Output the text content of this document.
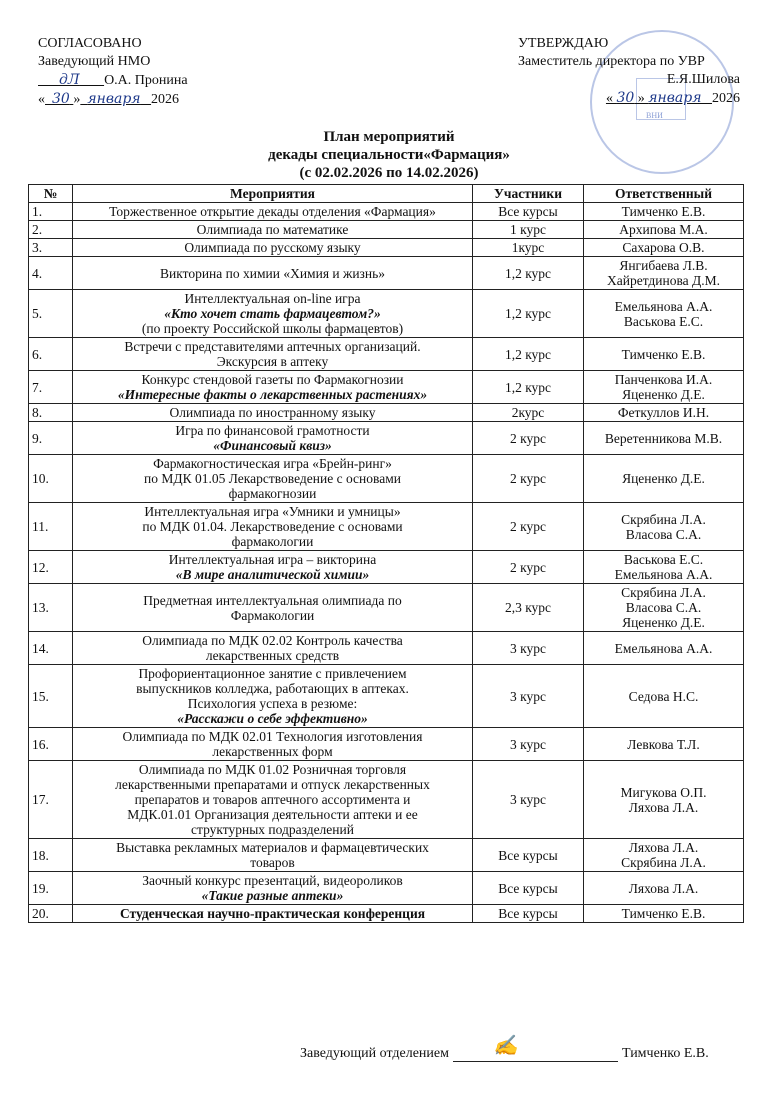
СОГЛАСОВАНО
Заведующий НМО
дЛ О.А. Пронина
« 30 » января 2026
УТВЕРЖДАЮ
Заместитель директора по УВР
Е.Я.Шилова
« 30 » января 2026
ВНИ
План мероприятий
декады специальности«Фармация»
(с 02.02.2026 по 14.02.2026)
№	Мероприятия	Участники	Ответственный
1.	Торжественное открытие декады отделения «Фармация»	Все курсы	Тимченко Е.В.

2.	Олимпиада по математике	1 курс	Архипова М.А.

3.	Олимпиада по русскому языку	1курс	Сахарова О.В.

4.	Викторина по химии «Химия и жизнь»	1,2 курс	Янгибаева Л.В.
Хайретдинова Д.М.

5.	Интеллектуальная on-line игра
«Кто хочет стать фармацевтом?»
(по проекту Российской школы фармацевтов)	1,2 курс	Емельянова А.А.
Васькова Е.С.

6.	Встречи с представителями аптечных организаций.
Экскурсия в аптеку	1,2 курс	Тимченко Е.В.

7.	Конкурс стендовой газеты по Фармакогнозии
«Интересные факты о лекарственных растениях»	1,2 курс	Панченкова И.А.
Яцененко Д.Е.

8.	Олимпиада по иностранному языку	2курс	Феткуллов И.Н.

9.	Игра по финансовой грамотности
«Финансовый квиз»	2 курс	Веретенникова М.В.

10.	Фармакогностическая игра «Брейн-ринг»
по МДК 01.05 Лекарствоведение с основами
фармакогнозии	2 курс	Яцененко Д.Е.

11.	Интеллектуальная игра «Умники и умницы»
по МДК 01.04. Лекарствоведение с основами
фармакологии	2 курс	Скрябина Л.А.
Власова С.А.

12.	Интеллектуальная игра – викторина
«В мире аналитической химии»	2 курс	Васькова Е.С.
Емельянова А.А.

13.	Предметная интеллектуальная олимпиада по
Фармакологии	2,3 курс	Скрябина Л.А.
Власова С.А.
Яцененко Д.Е.

14.	Олимпиада по МДК 02.02 Контроль качества
лекарственных средств	3 курс	Емельянова А.А.

15.	Профориентационное занятие с привлечением
выпускников колледжа, работающих в аптеках.
Психология успеха в резюме:
«Расскажи о себе эффективно»	3 курс	Седова Н.С.

16.	Олимпиада по МДК 02.01 Технология изготовления
лекарственных форм	3 курс	Левкова Т.Л.

17.	Олимпиада по МДК 01.02 Розничная торговля
лекарственными препаратами и отпуск лекарственных
препаратов и товаров аптечного ассортимента и
МДК.01.01 Организация деятельности аптеки и ее
структурных подразделений	3 курс	Мигукова О.П.
Ляхова Л.А.

18.	Выставка рекламных материалов и фармацевтических
товаров	Все курсы	Ляхова Л.А.
Скрябина Л.А.

19.	Заочный конкурс презентаций, видеороликов
«Такие разные аптеки»	Все курсы	Ляхова Л.А.

20.	Студенческая научно-практическая конференция	Все курсы	Тимченко Е.В.
Заведующий отделением ✍	Тимченко Е.В.
